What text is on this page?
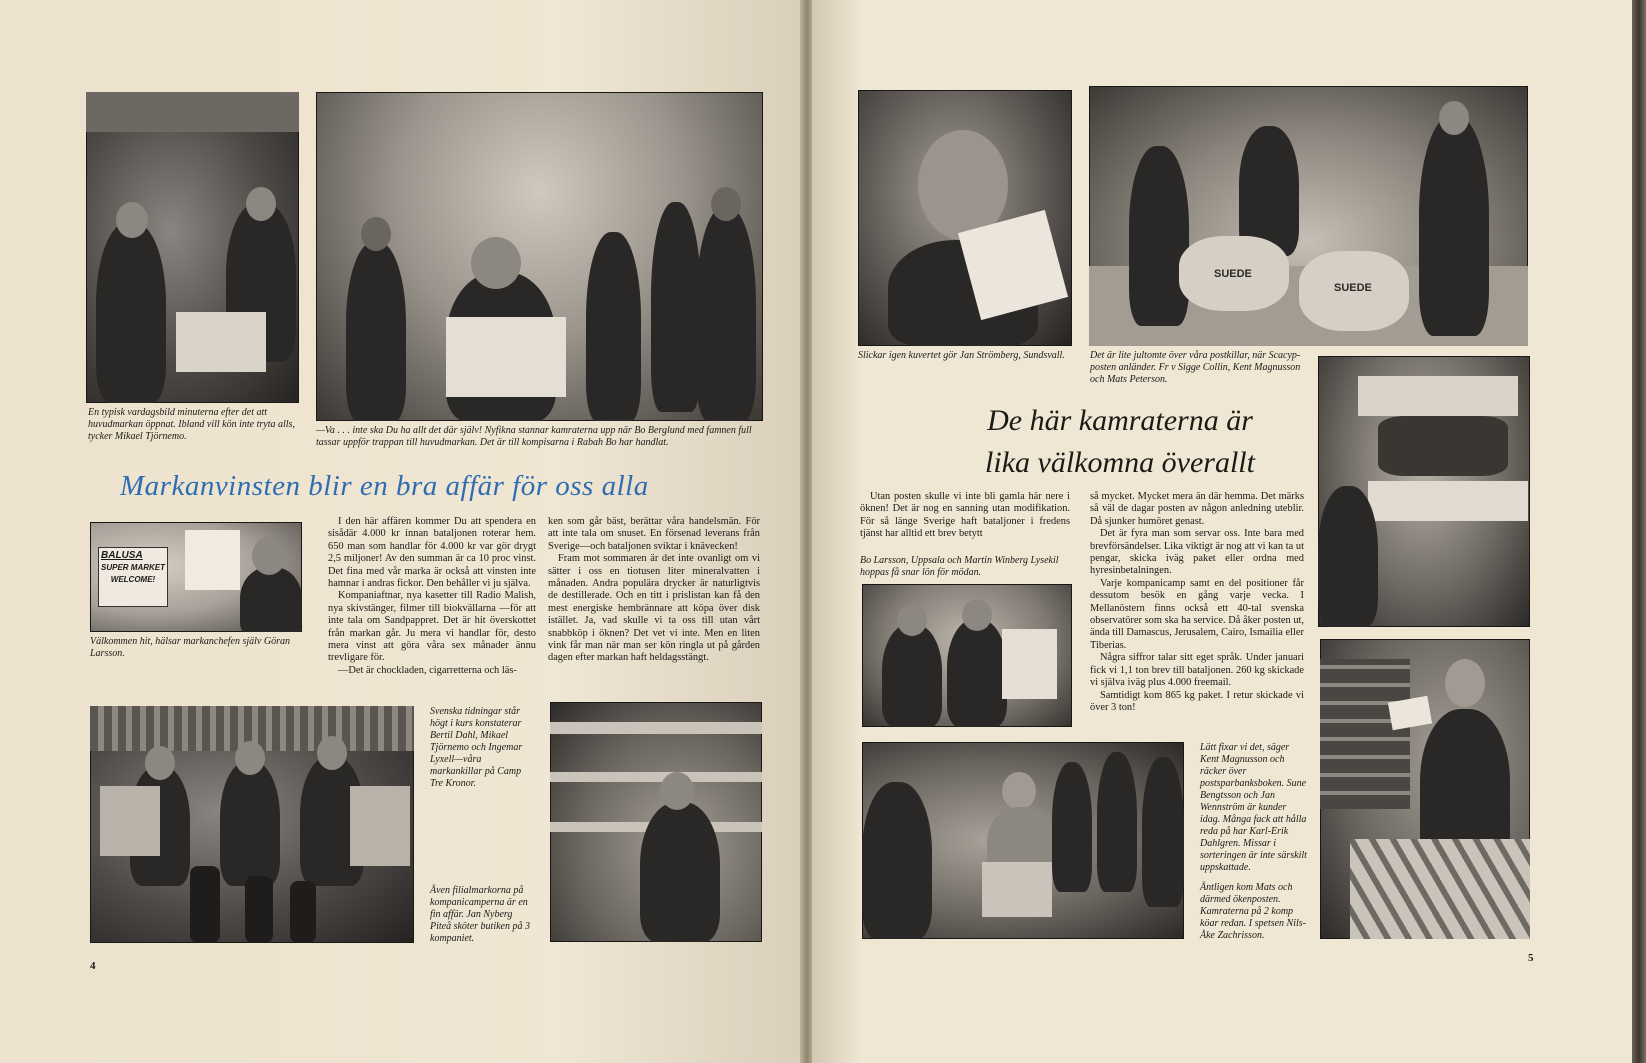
En typisk vardagsbild minuterna efter det att huvudmarkan öppnat. Ibland vill kön inte tryta alls, tycker Mikael Tjörnemo.
—Va . . . inte ska Du ha allt det där själv! Nyfikna stannar kamraterna upp när Bo Berglund med famnen full tassar uppför trappan till huvudmarkan. Det är till kompisarna i Rabah Bo har handlat.
Markanvinsten blir en bra affär för oss alla
BALUSA
SUPER MARKET
WELCOME!
Välkommen hit, hälsar markanchefen själv Göran Larsson.

I den här affären kommer Du att spendera en sisådär 4.000 kr innan bataljonen roterar hem. 650 man som handlar för 4.000 kr var gör drygt 2,5 miljoner! Av den summan är ca 10 proc vinst. Det fina med vår marka är också att vinsten inte hamnar i andras fickor. Den behåller vi ju själva.

Kompaniaftnar, nya kasetter till Radio Malish, nya skivstänger, filmer till biokvällarna —för att inte tala om Sandpappret. Det är hit överskottet från markan går. Ju mera vi handlar för, desto mera vinst att göra våra sex månader ännu trevligare för.

—Det är chockladen, cigarretterna och läs-

ken som går bäst, berättar våra handelsmän. För att inte tala om snuset. En försenad leverans från Sverige—och bataljonen sviktar i knävecken!

Fram mot sommaren är det inte ovanligt om vi sätter i oss en tiotusen liter mineralvatten i månaden. Andra populära drycker är naturligtvis de destillerade. Och en titt i prislistan kan få den mest energiske hembrännare att köpa över disk istället. Ja, vad skulle vi ta oss till utan vårt snabbköp i öknen? Det vet vi inte. Men en liten vink får man när man ser kön ringla ut på gården dagen efter markan haft heldagsstängt.

Svenska tidningar står högt i kurs konstaterar Bertil Dahl, Mikael Tjörnemo och Ingemar Lyxell—våra markankillar på Camp Tre Kronor.
Även filialmarkorna på kompanicamperna är en fin affär. Jan Nyberg Piteå sköter butiken på 3 kompaniet.
4
Slickar igen kuvertet gör Jan Strömberg, Sundsvall.
SUEDE
SUEDE
Det är lite jultomte över våra postkillar, när Scacyp-posten anländer. Fr v Sigge Collin, Kent Magnusson och Mats Peterson.
De här kamraterna är
lika välkomna överallt

Utan posten skulle vi inte bli gamla här nere i öknen! Det är nog en sanning utan modifikation. För så länge Sverige haft bataljoner i fredens tjänst har alltid ett brev betytt

Bo Larsson, Uppsala och Martin Winberg Lysekil hoppas få snar lön för mödan.

så mycket. Mycket mera än där hemma. Det märks så väl de dagar posten av någon anledning uteblir. Då sjunker humöret genast.

Det är fyra man som servar oss. Inte bara med brevförsändelser. Lika viktigt är nog att vi kan ta ut pengar, skicka iväg paket eller ordna med hyresinbetalningen.

Varje kompanicamp samt en del positioner får dessutom besök en gång varje vecka. I Mellanöstern finns också ett 40-tal svenska observatörer som ska ha service. Då åker posten ut, ända till Damascus, Jerusalem, Cairo, Ismailia eller Tiberias.

Några siffror talar sitt eget språk. Under januari fick vi 1,1 ton brev till bataljonen. 260 kg skickade vi själva iväg plus 4.000 freemail.

Samtidigt kom 865 kg paket. I retur skickade vi över 3 ton!

Lätt fixar vi det, säger Kent Magnusson och räcker över postsparbanksboken. Sune Bengtsson och Jan Wennström är kunder idag. Många fack att hålla reda på har Karl-Erik Dahlgren. Missar i sorteringen är inte särskilt uppskattade.
Äntligen kom Mats och därmed ökenposten. Kamraterna på 2 komp köar redan. I spetsen Nils-Åke Zachrisson.
5
